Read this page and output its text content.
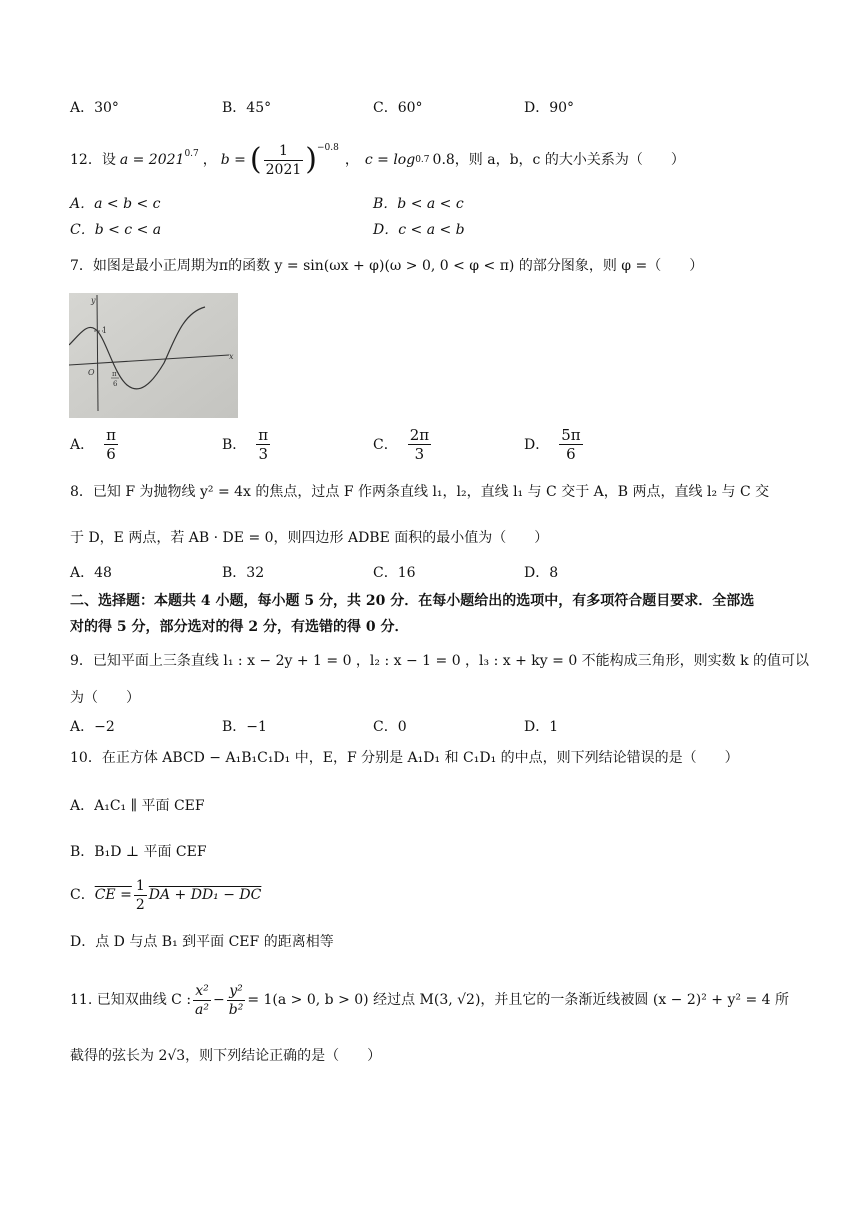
A．30°	B．45°	C．60°	D．90°
12．设 $a = 2021^{0.7}$ ， b = ( $\frac{1}{2021} )^{-0.8}$
， c = log 0.7 0.8 ，则 a，b，c 的大小关系为（　　）
A．a < b < c	B．b < a < c
C．b < c < a	D．c < a < b
7．如图是最小正周期为π的函数 y = sin(ωx + φ)(ω > 0, 0 < φ < π) 的部分图象，则 φ =（　　）
y
x
O
1
π
6
A． $\frac{\pi}{6}$	B． $\frac{\pi}{3}$	C． $\frac{2\pi}{3}$	D． $\frac{5\pi}{6}$
8．已知 F 为抛物线 y² = 4x 的焦点，过点 F 作两条直线 l₁，l₂，直线 l₁ 与 C 交于 A，B 两点，直线 l₂ 与 C 交
于 D，E 两点，若 AB · DE = 0，则四边形 ADBE 面积的最小值为（　　）
A．48	B．32	C．16	D．8
二、选择题：本题共 4 小题，每小题 5 分，共 20 分．在每小题给出的选项中，有多项符合题目要求．全部选
对的得 5 分，部分选对的得 2 分，有选错的得 0 分．
9．已知平面上三条直线 l₁ : x − 2y + 1 = 0 ，l₂ : x − 1 = 0 ，l₃ : x + ky = 0 不能构成三角形，则实数 k 的值可以
为（　　）
A．−2	B．−1	C．0	D．1
10．在正方体 ABCD − A₁B₁C₁D₁ 中，E，F 分别是 A₁D₁ 和 C₁D₁ 的中点，则下列结论错误的是（　　）
A．A₁C₁ ∥ 平面 CEF
B．B₁D ⊥ 平面 CEF
C． CE = $\frac{1}{2}$ DA + DD₁ − DC
D．点 D 与点 B₁ 到平面 CEF 的距离相等
11. 已知双曲线 C : $\frac{\text{x²}}{\text{a²}} - \frac{\text{y²}}{\text{b²}} = 1(a > 0$, b > 0) 经过点 M(3, √2)，并且它的一条渐近线被圆 (x − 2)² + y² = 4 所
截得的弦长为 2√3，则下列结论正确的是（　　）
